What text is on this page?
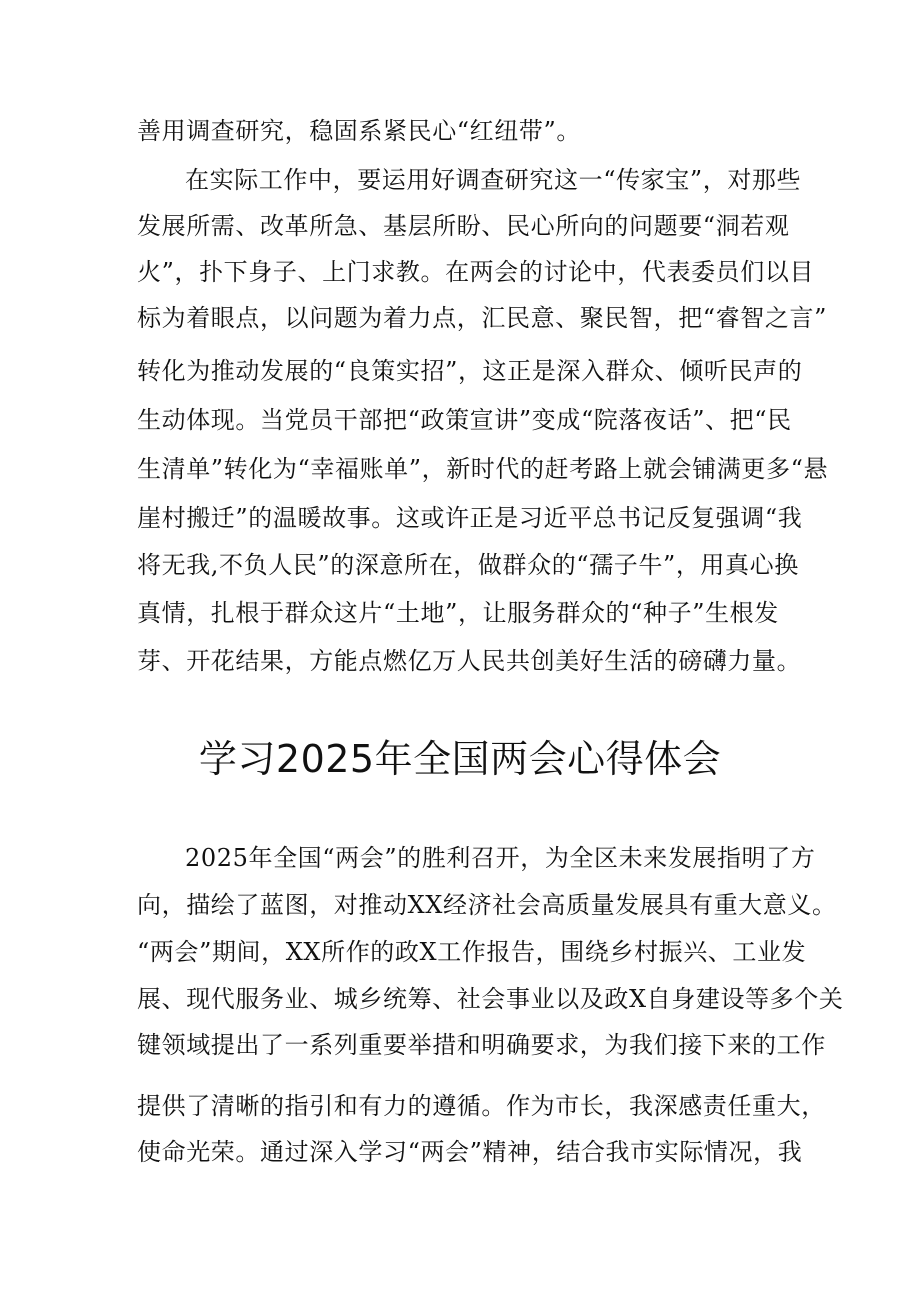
善用调查研究，稳固系紧民心“红纽带”。
在实际工作中，要运用好调查研究这一“传家宝”，对那些
发展所需、改革所急、基层所盼、民心所向的问题要“洞若观
火”，扑下身子、上门求教。在两会的讨论中，代表委员们以目
标为着眼点，以问题为着力点，汇民意、聚民智，把“睿智之言”
转化为推动发展的“良策实招”，这正是深入群众、倾听民声的
生动体现。当党员干部把“政策宣讲”变成“院落夜话”、把“民
生清单”转化为“幸福账单”，新时代的赶考路上就会铺满更多“悬
崖村搬迁”的温暖故事。这或许正是习近平总书记反复强调“我
将无我,不负人民”的深意所在，做群众的“孺子牛”，用真心换
真情，扎根于群众这片“土地”，让服务群众的“种子”生根发
芽、开花结果，方能点燃亿万人民共创美好生活的磅礴力量。
学习2025年全国两会心得体会
2025年全国“两会”的胜利召开，为全区未来发展指明了方
向，描绘了蓝图，对推动XX经济社会高质量发展具有重大意义。
“两会”期间，XX所作的政X工作报告，围绕乡村振兴、工业发
展、现代服务业、城乡统筹、社会事业以及政X自身建设等多个关
键领域提出了一系列重要举措和明确要求，为我们接下来的工作
提供了清晰的指引和有力的遵循。作为市长，我深感责任重大，
使命光荣。通过深入学习“两会”精神，结合我市实际情况，我
